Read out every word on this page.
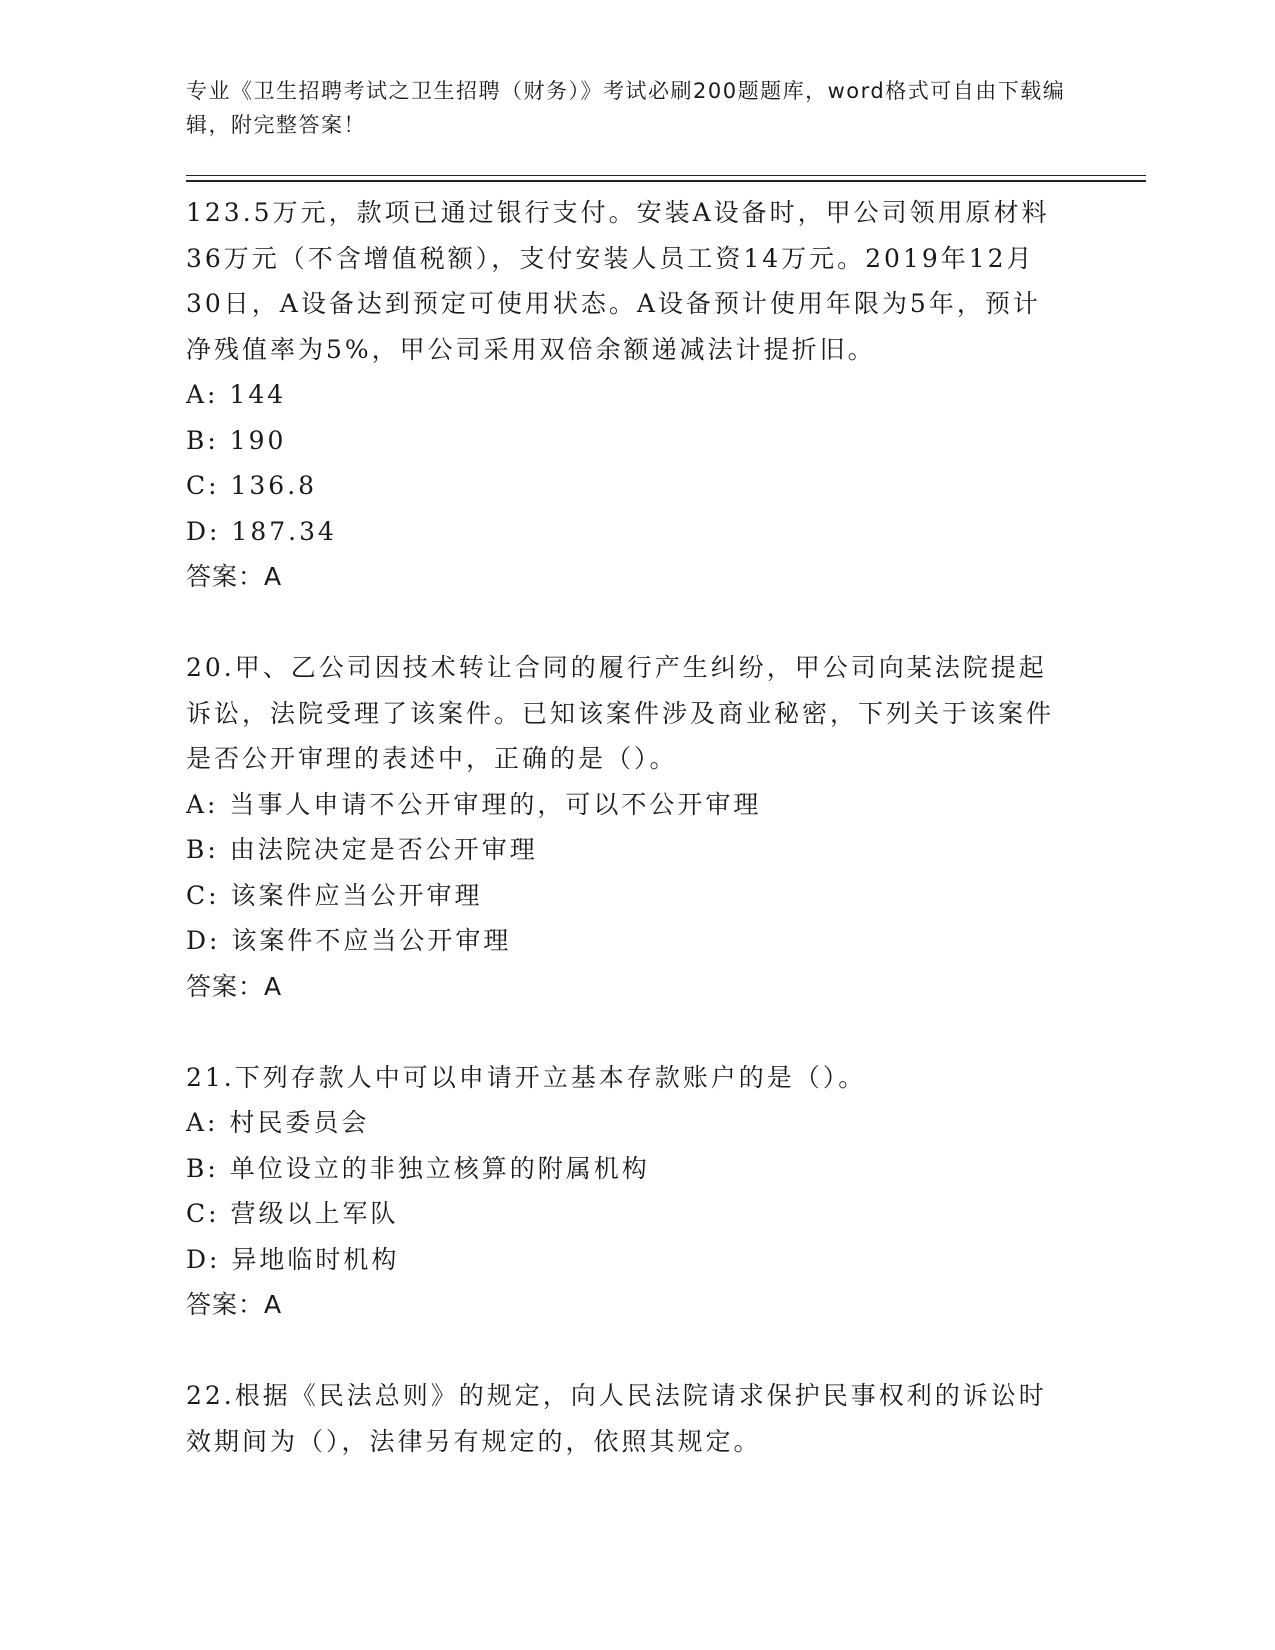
专业《卫生招聘考试之卫生招聘（财务）》考试必刷200题题库，word格式可自由下载编辑，附完整答案！

123.5万元，款项已通过银行支付。安装A设备时，甲公司领用原材料36万元（不含增值税额），支付安装人员工资14万元。2019年12月30日，A设备达到预定可使用状态。A设备预计使用年限为5年，预计净残值率为5%，甲公司采用双倍余额递减法计提折旧。

A: 144

B: 190

C: 136.8

D: 187.34

答案：A

20.甲、乙公司因技术转让合同的履行产生纠纷，甲公司向某法院提起诉讼，法院受理了该案件。已知该案件涉及商业秘密，下列关于该案件是否公开审理的表述中，正确的是（）。

A: 当事人申请不公开审理的，可以不公开审理

B: 由法院决定是否公开审理

C: 该案件应当公开审理

D: 该案件不应当公开审理

答案：A

21.下列存款人中可以申请开立基本存款账户的是（）。

A: 村民委员会

B: 单位设立的非独立核算的附属机构

C: 营级以上军队

D: 异地临时机构

答案：A

22.根据《民法总则》的规定，向人民法院请求保护民事权利的诉讼时效期间为（），法律另有规定的，依照其规定。
